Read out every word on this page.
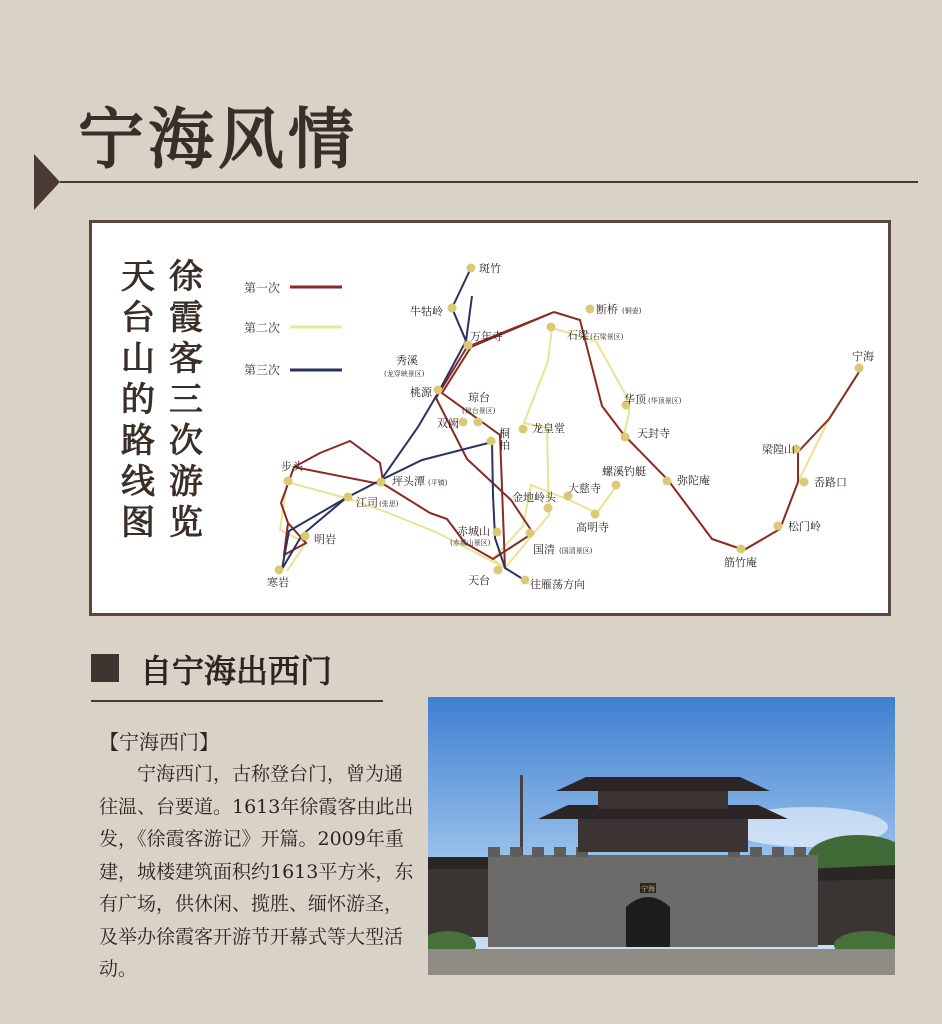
宁海风情
第一次
第二次
第三次
斑竹
牛牯岭
万年寺
断桥 (铜壶)
石梁 (石梁景区)
宁海
秀溪
(龙穿峡景区)
桃源	琼台
(琼台景区)
双阙
桐
柏
龙皇堂
华顶 (华顶景区)
天封寺
梁隍山
步头
坪头潭 (平镇)
江司 (张思)
明岩
寒岩
金地岭头
大慈寺
螺溪钓艇
高明寺
弥陀庵	岙路口
松门岭
筋竹庵
赤城山
(赤城山景区)	国清 (国清景区)
天台	往雁荡方向
天台山的路线图
徐霞客三次游览
自宁海出西门
【宁海西门】
宁海西门，古称登台门，曾为通往温、台要道。1613年徐霞客由此出发，《徐霞客游记》开篇。2009年重建，城楼建筑面积约1613平方米，东有广场，供休闲、揽胜、缅怀游圣，及举办徐霞客开游节开幕式等大型活动。
宁海
